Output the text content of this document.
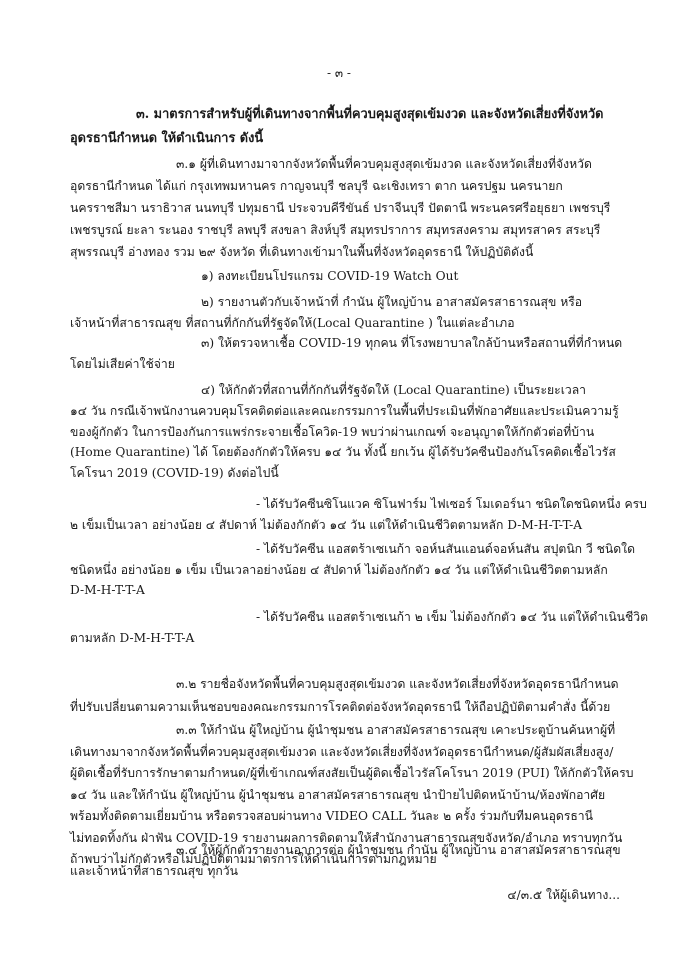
- ๓ -
๓. มาตรการสำหรับผู้ที่เดินทางจากพื้นที่ควบคุมสูงสุดเข้มงวด และจังหวัดเสี่ยงที่จังหวัด
อุดรธานีกำหนด ให้ดำเนินการ ดังนี้
๓.๑ ผู้ที่เดินทางมาจากจังหวัดพื้นที่ควบคุมสูงสุดเข้มงวด และจังหวัดเสี่ยงที่จังหวัด
อุดรธานีกำหนด ได้แก่ กรุงเทพมหานคร กาญจนบุรี ชลบุรี ฉะเชิงเทรา ตาก นครปฐม นครนายก
นครราชสีมา นราธิวาส นนทบุรี ปทุมธานี ประจวบคีรีขันธ์ ปราจีนบุรี ปัตตานี พระนครศรีอยุธยา เพชรบุรี
เพชรบูรณ์ ยะลา ระนอง ราชบุรี ลพบุรี สงขลา สิงห์บุรี สมุทรปราการ สมุทรสงคราม สมุทรสาคร สระบุรี
สุพรรณบุรี อ่างทอง รวม ๒๙ จังหวัด ที่เดินทางเข้ามาในพื้นที่จังหวัดอุดรธานี ให้ปฏิบัติดังนี้
๑) ลงทะเบียนโปรแกรม COVID-19 Watch Out
๒) รายงานตัวกับเจ้าหน้าที่ กำนัน ผู้ใหญ่บ้าน อาสาสมัครสาธารณสุข หรือ
เจ้าหน้าที่สาธารณสุข ที่สถานที่กักกันที่รัฐจัดให้(Local Quarantine ) ในแต่ละอำเภอ
๓) ให้ตรวจหาเชื้อ COVID-19 ทุกคน ที่โรงพยาบาลใกล้บ้านหรือสถานที่ที่กำหนด
โดยไม่เสียค่าใช้จ่าย
๔) ให้กักตัวที่สถานที่กักกันที่รัฐจัดให้ (Local Quarantine) เป็นระยะเวลา
๑๔ วัน กรณีเจ้าพนักงานควบคุมโรคติดต่อและคณะกรรมการในพื้นที่ประเมินที่พักอาศัยและประเมินความรู้
ของผู้กักตัว ในการป้องกันการแพร่กระจายเชื้อโควิด-19 พบว่าผ่านเกณฑ์ จะอนุญาตให้กักตัวต่อที่บ้าน
(Home Quarantine) ได้ โดยต้องกักตัวให้ครบ ๑๔ วัน ทั้งนี้ ยกเว้น ผู้ได้รับวัคซีนป้องกันโรคติดเชื้อไวรัส
โคโรนา 2019 (COVID-19) ดังต่อไปนี้
- ได้รับวัคซีนซิโนแวค ซิโนฟาร์ม ไฟเซอร์ โมเดอร์นา ชนิดใดชนิดหนึ่ง ครบ
๒ เข็มเป็นเวลา อย่างน้อย ๔ สัปดาห์ ไม่ต้องกักตัว ๑๔ วัน แต่ให้ดำเนินชีวิตตามหลัก D-M-H-T-T-A
- ได้รับวัคซีน แอสตร้าเซเนก้า จอห์นสันแอนด์จอห์นสัน สปุตนิก วี ชนิดใด
ชนิดหนึ่ง อย่างน้อย ๑ เข็ม เป็นเวลาอย่างน้อย ๔ สัปดาห์ ไม่ต้องกักตัว ๑๔ วัน แต่ให้ดำเนินชีวิตตามหลัก
D-M-H-T-T-A
- ได้รับวัคซีน แอสตร้าเซเนก้า ๒ เข็ม ไม่ต้องกักตัว ๑๔ วัน แต่ให้ดำเนินชีวิต
ตามหลัก D-M-H-T-T-A
๓.๒ รายชื่อจังหวัดพื้นที่ควบคุมสูงสุดเข้มงวด และจังหวัดเสี่ยงที่จังหวัดอุดรธานีกำหนด
ที่ปรับเปลี่ยนตามความเห็นชอบของคณะกรรมการโรคติดต่อจังหวัดอุดรธานี ให้ถือปฏิบัติตามคำสั่ง นี้ด้วย
๓.๓ ให้กำนัน ผู้ใหญ่บ้าน ผู้นำชุมชน อาสาสมัครสาธารณสุข เคาะประตูบ้านค้นหาผู้ที่
เดินทางมาจากจังหวัดพื้นที่ควบคุมสูงสุดเข้มงวด และจังหวัดเสี่ยงที่จังหวัดอุดรธานีกำหนด/ผู้สัมผัสเสี่ยงสูง/
ผู้ติดเชื้อที่รับการรักษาตามกำหนด/ผู้ที่เข้าเกณฑ์สงสัยเป็นผู้ติดเชื้อไวรัสโคโรนา 2019 (PUI) ให้กักตัวให้ครบ
๑๔ วัน และให้กำนัน ผู้ใหญ่บ้าน ผู้นำชุมชน อาสาสมัครสาธารณสุข นำป้ายไปติดหน้าบ้าน/ห้องพักอาศัย
พร้อมทั้งติดตามเยี่ยมบ้าน หรือตรวจสอบผ่านทาง VIDEO CALL วันละ ๒ ครั้ง ร่วมกับทีมคนอุดรธานี
ไม่ทอดทิ้งกัน ฝ่าฟัน COVID-19 รายงานผลการติดตามให้สำนักงานสาธารณสุขจังหวัด/อำเภอ ทราบทุกวัน
ถ้าพบว่าไม่กักตัวหรือไม่ปฏิบัติตามมาตรการให้ดำเนินการตามกฎหมาย
๔/๓.๕ ให้ผู้เดินทาง...
๓.๔ ให้ผู้กักตัวรายงานอาการต่อ ผู้นำชุมชน กำนัน ผู้ใหญ่บ้าน อาสาสมัครสาธารณสุข
และเจ้าหน้าที่สาธารณสุข ทุกวัน
